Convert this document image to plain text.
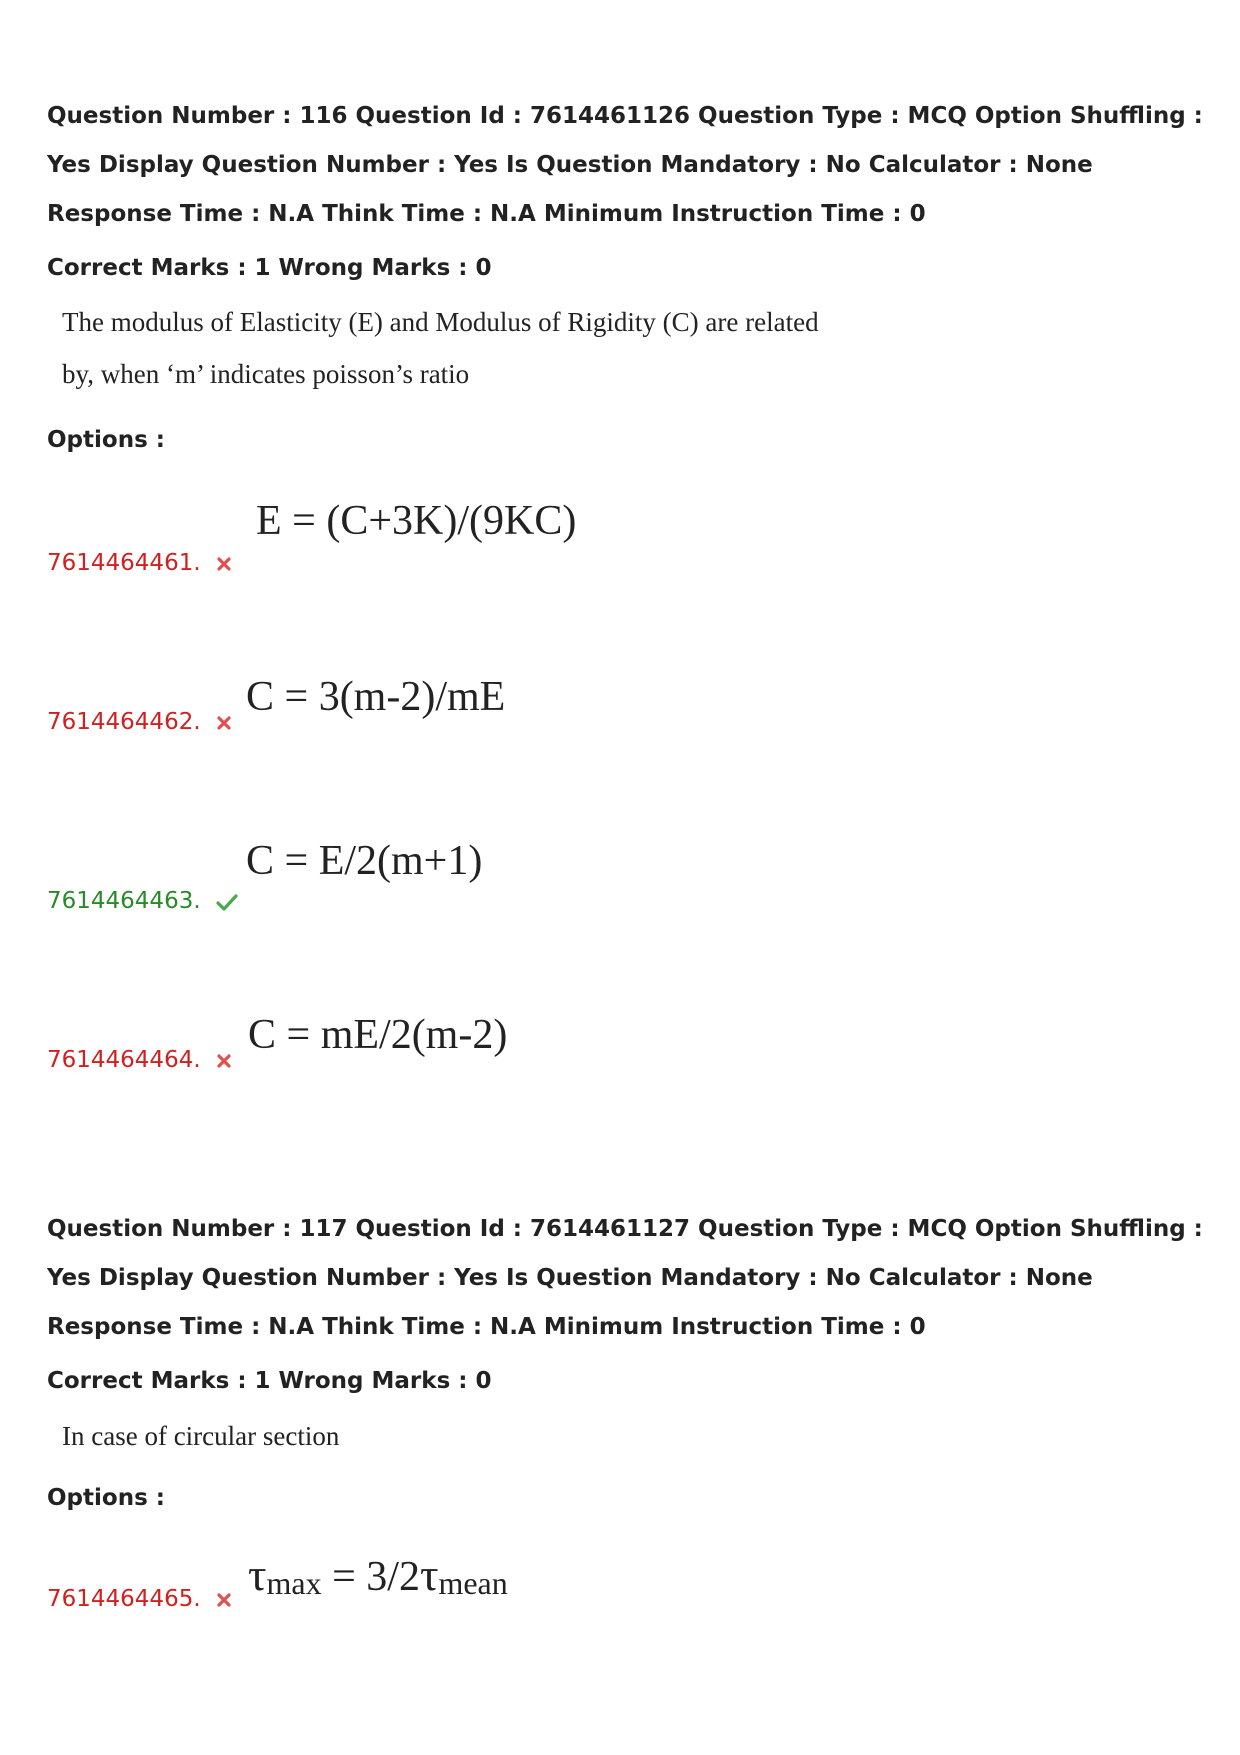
Question Number : 116 Question Id : 7614461126 Question Type : MCQ Option Shuffling : Yes Display Question Number : Yes Is Question Mandatory : No Calculator : None Response Time : N.A Think Time : N.A Minimum Instruction Time : 0
Correct Marks : 1 Wrong Marks : 0
The modulus of Elasticity (E) and Modulus of Rigidity (C) are related
by, when ‘m’ indicates poisson’s ratio
Options :
E = (C+3K)/(9KC)
7614464461.
C = 3(m-2)/mE
7614464462.
C = E/2(m+1)
7614464463.
C = mE/2(m-2)
7614464464.
Question Number : 117 Question Id : 7614461127 Question Type : MCQ Option Shuffling : Yes Display Question Number : Yes Is Question Mandatory : No Calculator : None Response Time : N.A Think Time : N.A Minimum Instruction Time : 0
Correct Marks : 1 Wrong Marks : 0
In case of circular section
Options :
τmax = 3/2τmean
7614464465.
